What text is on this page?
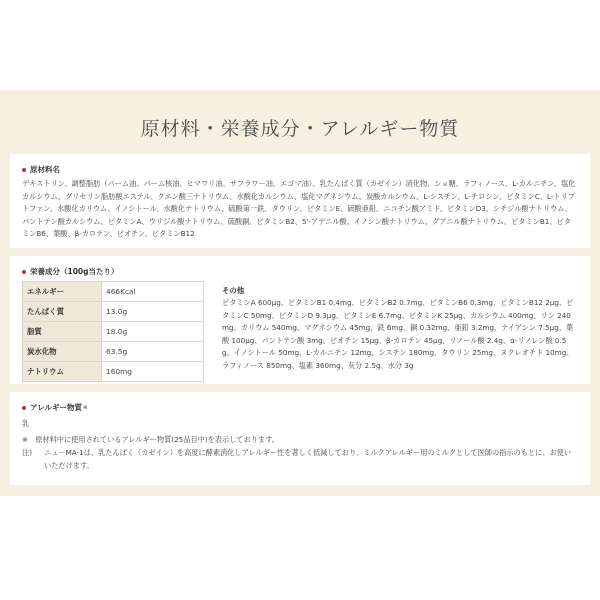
原材料・栄養成分・アレルギー物質
原材料名
デキストリン、調整脂肪（パーム油、パーム核油、ヒマワリ油、サフラワー油、エゴマ油）、乳たんぱく質（カゼイン）消化物、ショ糖、ラフィノース、L-カルニチン、塩化カルシウム、グリセリン脂肪酸エステル、クエン酸三ナトリウム、水酸化カルシウム、塩化マグネシウム、炭酸カルシウム、L-シスチン、L-チロシン、ビタミンC、L-トリプトファン、水酸化カリウム、イノシトール、水酸化ナトリウム、硫酸第一鉄、タウリン、ビタミンE、硫酸亜鉛、ニコチン酸アミド、ビタミンD3、シチジル酸ナトリウム、パントテン酸カルシウム、ビタミンA、ウリジル酸ナトリウム、硫酸銅、ビタミンB2、5'-アデニル酸、イノシン酸ナトリウム、グアニル酸ナトリウム、ビタミンB1、ビタミンB6、葉酸、β-カロテン、ビオチン、ビタミンB12
栄養成分（100g当たり）
エネルギー	466Kcal
たんぱく質	13.0g
脂質	18.0g
炭水化物	63.5g
ナトリウム	160mg
その他
ビタミンA 600μg、ビタミンB1 0.4mg、ビタミンB2 0.7mg、ビタミンB6 0.3mg、ビタミンB12 2μg、ビタミンC 50mg、ビタミンD 9.3μg、ビタミンE 6.7mg、ビタミンK 25μg、カルシウム 400mg、リン 240mg、カリウム 540mg、マグネシウム 45mg、鉄 6mg、銅 0.32mg、亜鉛 3.2mg、ナイアシン 7.5μg、葉酸 100μg、パントテン酸 3mg、ビオチン 15μg、β-カロテン 45μg、リノール酸 2.4g、α-リノレン酸 0.5g、イノシトール 50mg、L-カルニチン 12mg、シスチン 180mg、タウリン 25mg、ヌクレオチド 10mg、ラフィノース 850mg、塩素 360mg、灰分 2.5g、水分 3g
アレルギー物質 ※
乳
※　原材料中に使用されているアレルギー物質(25品目中)を表示しております。
注) ニュ－MA-1は、乳たんぱく（カゼイン）を高度に酵素消化しアレルギー性を著しく低減しており、ミルクアレルギー用のミルクとして医師の指示のもとに、お使いいただけます。
